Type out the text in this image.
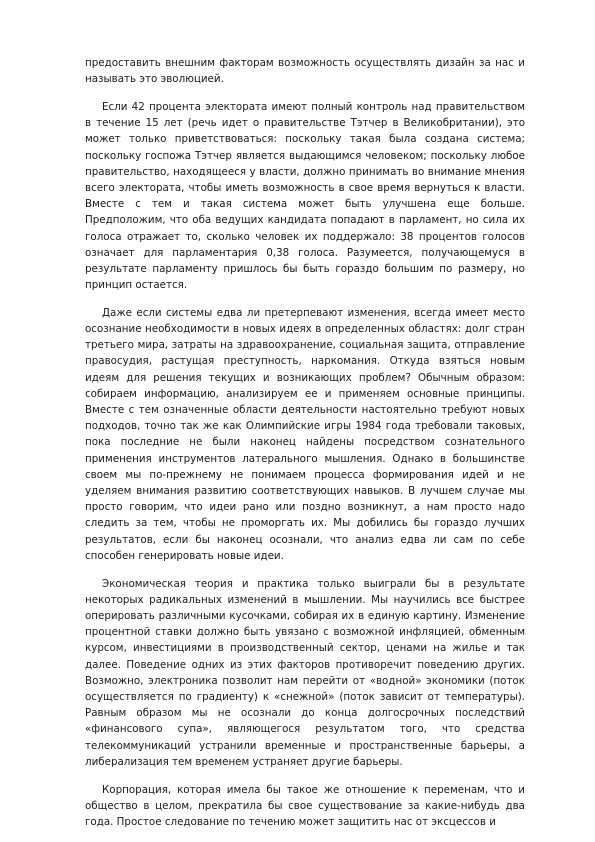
предоставить внешним факторам возможность осуществлять дизайн за нас и называть это эволюцией.

Если 42 процента электората имеют полный контроль над правительством в течение 15 лет (речь идет о правительстве Тэтчер в Великобритании), это может только приветствоваться: поскольку такая была создана система; поскольку госпожа Тэтчер является выдающимся человеком; поскольку любое правительство, находящееся у власти, должно принимать во внимание мнения всего электората, чтобы иметь возможность в свое время вернуться к власти. Вместе с тем и такая система может быть улучшена еще больше. Предположим, что оба ведущих кандидата попадают в парламент, но сила их голоса отражает то, сколько человек их поддержало: 38 процентов голосов означает для парламентария 0,38 голоса. Разумеется, получающемуся в результате парламенту пришлось бы быть гораздо большим по размеру, но принцип остается.

Даже если системы едва ли претерпевают изменения, всегда имеет место осознание необходимости в новых идеях в определенных областях: долг стран третьего мира, затраты на здравоохранение, социальная защита, отправление правосудия, растущая преступность, наркомания. Откуда взяться новым идеям для решения текущих и возникающих проблем? Обычным образом: собираем информацию, анализируем ее и применяем основные принципы. Вместе с тем означенные области деятельности настоятельно требуют новых подходов, точно так же как Олимпийские игры 1984 года требовали таковых, пока последние не были наконец найдены посредством сознательного применения инструментов латерального мышления. Однако в большинстве своем мы по-прежнему не понимаем процесса формирования идей и не уделяем внимания развитию соответствующих навыков. В лучшем случае мы просто говорим, что идеи рано или поздно возникнут, а нам просто надо следить за тем, чтобы не проморгать их. Мы добились бы гораздо лучших результатов, если бы наконец осознали, что анализ едва ли сам по себе способен генерировать новые идеи.

Экономическая теория и практика только выиграли бы в результате некоторых радикальных изменений в мышлении. Мы научились все быстрее оперировать различными кусочками, собирая их в единую картину. Изменение процентной ставки должно быть увязано с возможной инфляцией, обменным курсом, инвестициями в производственный сектор, ценами на жилье и так далее. Поведение одних из этих факторов противоречит поведению других. Возможно, электроника позволит нам перейти от «водной» экономики (поток осуществляется по градиенту) к «снежной» (поток зависит от температуры). Равным образом мы не осознали до конца долгосрочных последствий «финансового супа», являющегося результатом того, что средства телекоммуникаций устранили временные и пространственные барьеры, а либерализация тем временем устраняет другие барьеры.

Корпорация, которая имела бы такое же отношение к переменам, что и общество в целом, прекратила бы свое существование за какие-нибудь два года. Простое следование по течению может защитить нас от эксцессов и
